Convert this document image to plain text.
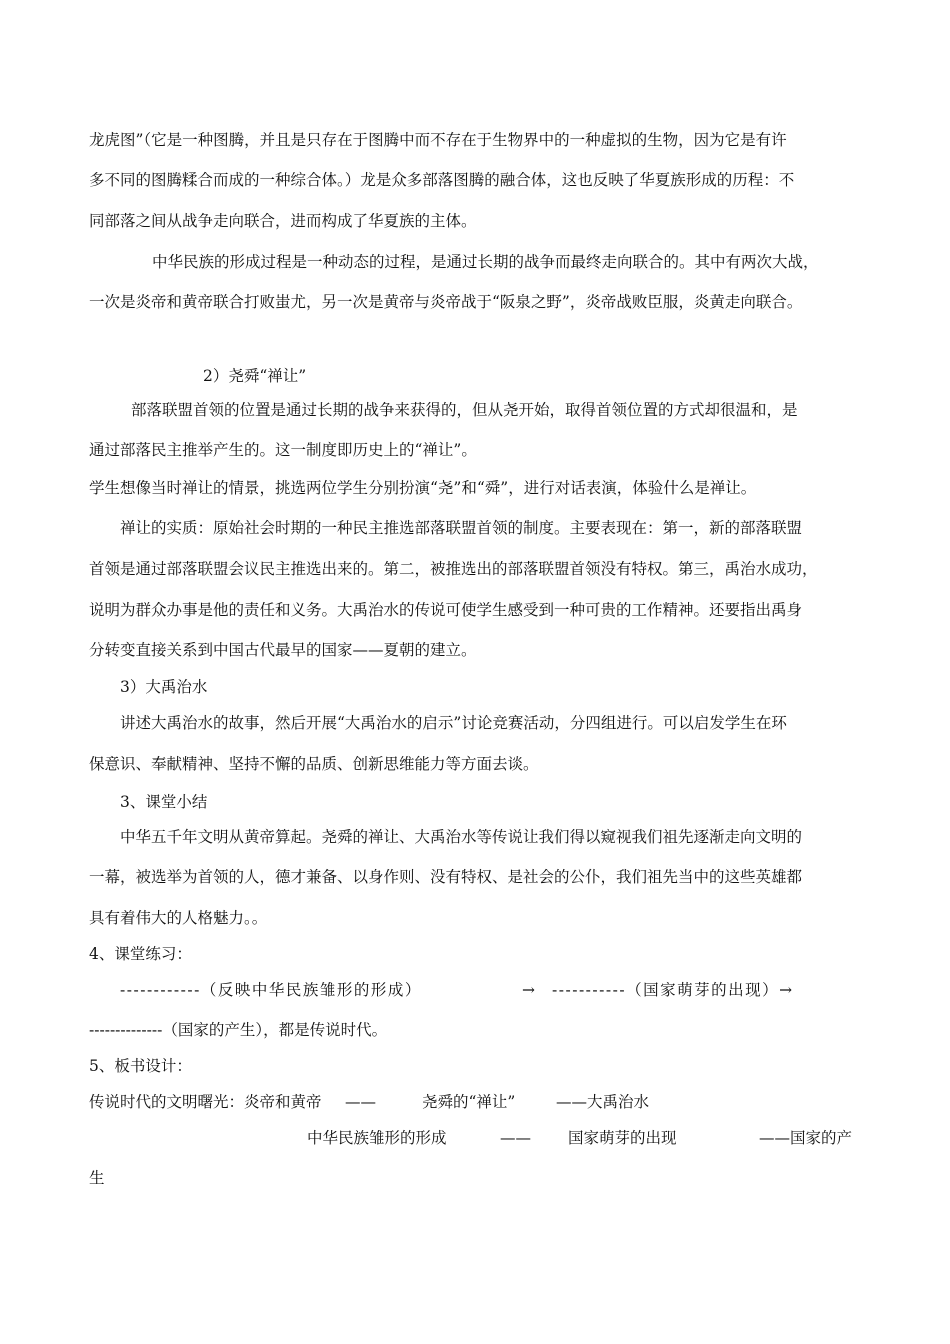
龙虎图”（它是一种图腾，并且是只存在于图腾中而不存在于生物界中的一种虚拟的生物，因为它是有许
多不同的图腾糅合而成的一种综合体。）龙是众多部落图腾的融合体，这也反映了华夏族形成的历程：不
同部落之间从战争走向联合，进而构成了华夏族的主体。
中华民族的形成过程是一种动态的过程，是通过长期的战争而最终走向联合的。其中有两次大战，
一次是炎帝和黄帝联合打败蚩尤，另一次是黄帝与炎帝战于“阪泉之野”，炎帝战败臣服，炎黄走向联合。
2）尧舜“禅让”
部落联盟首领的位置是通过长期的战争来获得的，但从尧开始，取得首领位置的方式却很温和，是
通过部落民主推举产生的。这一制度即历史上的“禅让”。
学生想像当时禅让的情景，挑选两位学生分别扮演“尧”和“舜”，进行对话表演，体验什么是禅让。
禅让的实质：原始社会时期的一种民主推选部落联盟首领的制度。主要表现在：第一，新的部落联盟
首领是通过部落联盟会议民主推选出来的。第二，被推选出的部落联盟首领没有特权。第三，禹治水成功，
说明为群众办事是他的责任和义务。大禹治水的传说可使学生感受到一种可贵的工作精神。还要指出禹身
分转变直接关系到中国古代最早的国家——夏朝的建立。
3）大禹治水
讲述大禹治水的故事，然后开展“大禹治水的启示”讨论竞赛活动，分四组进行。可以启发学生在环
保意识、奉献精神、坚持不懈的品质、创新思维能力等方面去谈。
3、课堂小结
中华五千年文明从黄帝算起。尧舜的禅让、大禹治水等传说让我们得以窥视我们祖先逐渐走向文明的
一幕，被选举为首领的人，德才兼备、以身作则、没有特权、是社会的公仆，我们祖先当中的这些英雄都
具有着伟大的人格魅力。。
4、课堂练习：
------------（反映中华民族雏形的形成）	→ -----------（国家萌芽的出现）→
--------------（国家的产生），都是传说时代。
5、板书设计：
传说时代的文明曙光：炎帝和黄帝 ——	尧舜的“禅让”	——大禹治水
中华民族雏形的形成	—— 国家萌芽的出现	——国家的产
生
